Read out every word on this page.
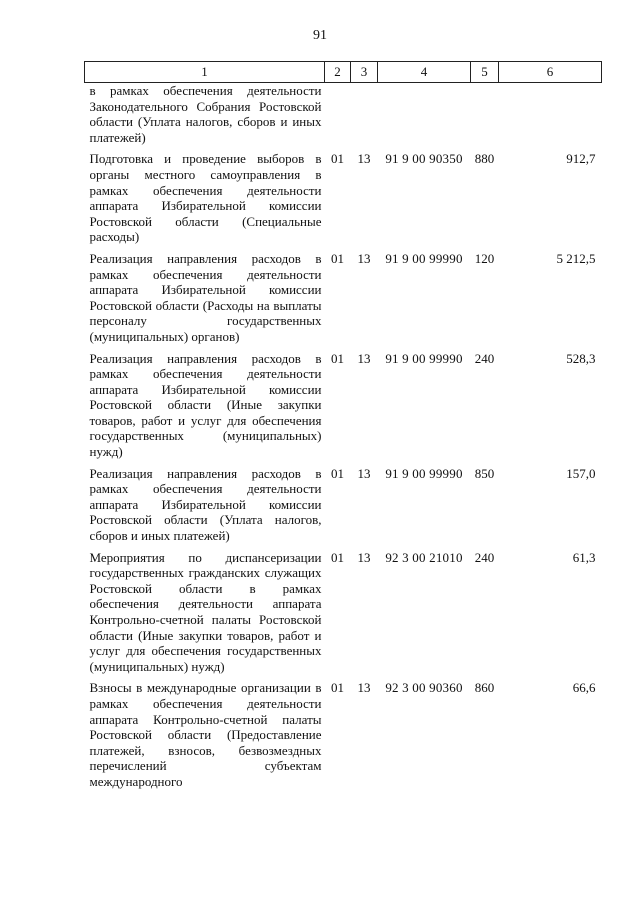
91
1	2	3	4	5	6
в рамках обеспечения деятельности Законодательного Собрания Ростовской области (Уплата налогов, сборов и иных платежей)					
Подготовка и проведение выборов в органы местного самоуправления в рамках обеспечения деятельности аппарата Избирательной комиссии Ростовской области (Специальные расходы)	01	13	91 9 00 90350	880	912,7
Реализация направления расходов в рамках обеспечения деятельности аппарата Избирательной комиссии Ростовской области (Расходы на выплаты персоналу государственных (муниципальных) органов)	01	13	91 9 00 99990	120	5 212,5
Реализация направления расходов в рамках обеспечения деятельности аппарата Избирательной комиссии Ростовской области (Иные закупки товаров, работ и услуг для обеспечения государственных (муниципальных) нужд)	01	13	91 9 00 99990	240	528,3
Реализация направления расходов в рамках обеспечения деятельности аппарата Избирательной комиссии Ростовской области (Уплата налогов, сборов и иных платежей)	01	13	91 9 00 99990	850	157,0
Мероприятия по диспансеризации государственных гражданских служащих Ростовской области в рамках обеспечения деятельности аппарата Контрольно-счетной палаты Ростовской области (Иные закупки товаров, работ и услуг для обеспечения государственных (муниципальных) нужд)	01	13	92 3 00 21010	240	61,3
Взносы в международные организации в рамках обеспечения деятельности аппарата Контрольно-счетной палаты Ростовской области (Предоставление платежей, взносов, безвозмездных перечислений субъектам международного	01	13	92 3 00 90360	860	66,6
